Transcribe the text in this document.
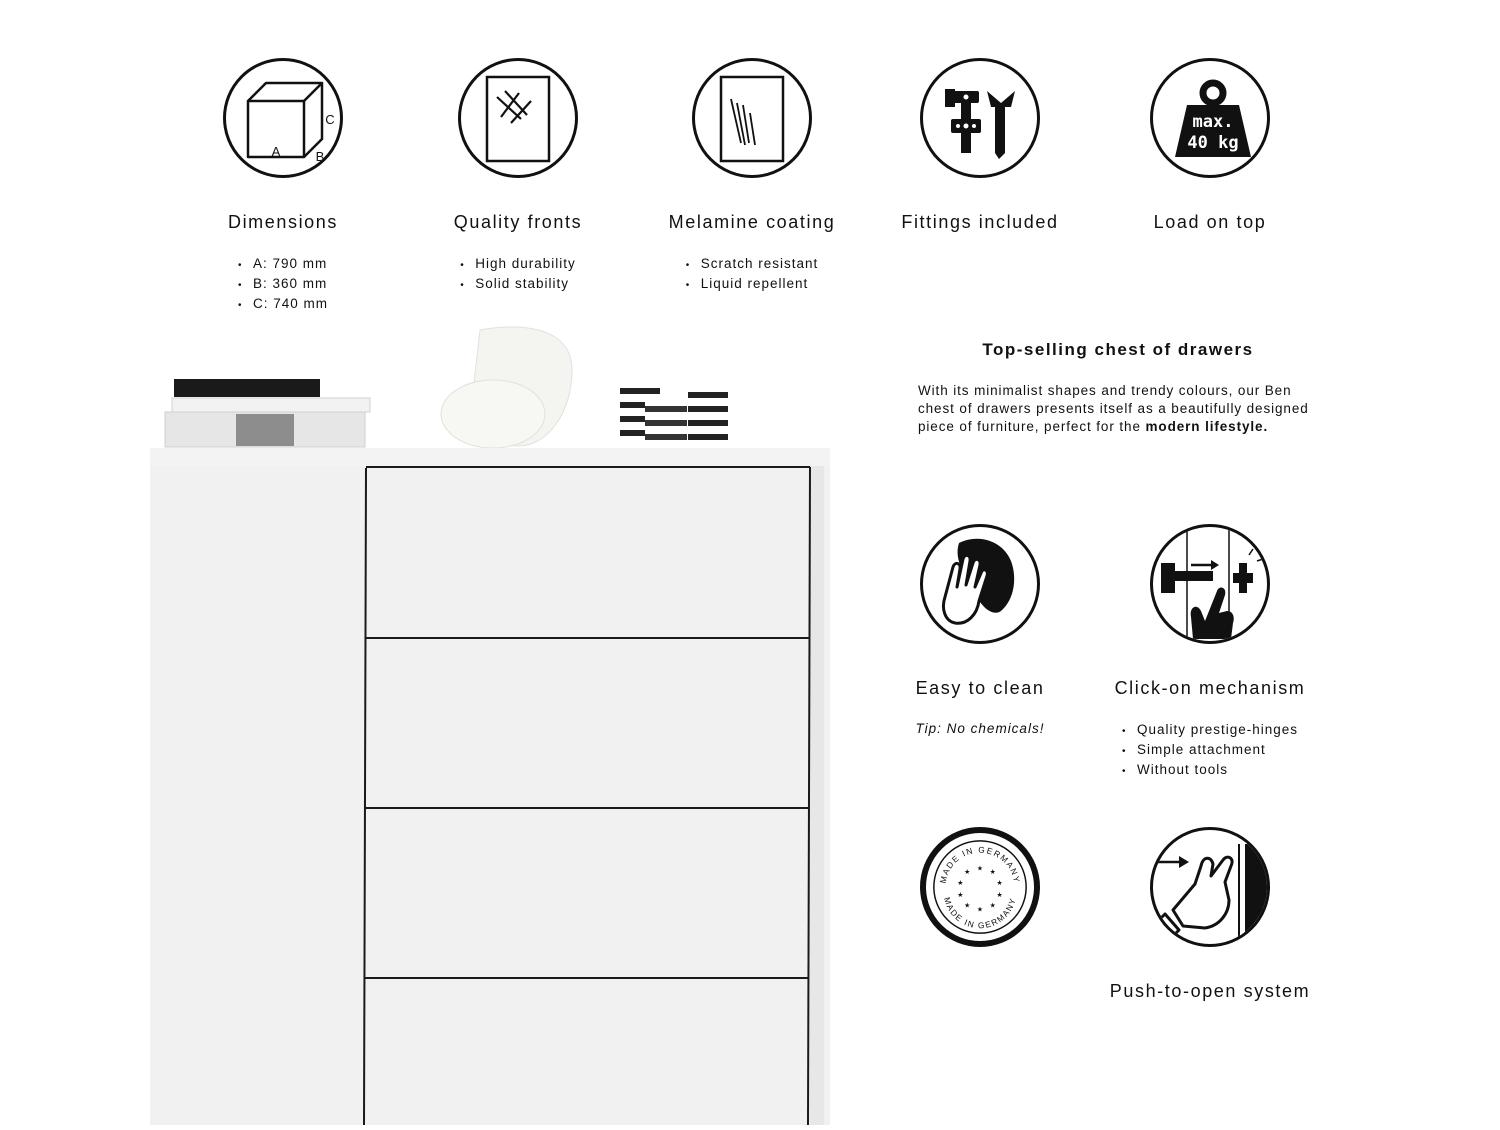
A	B
C
Dimensions
• A: 790 mm
• B: 360 mm
• C: 740 mm
Quality fronts
• High durability
• Solid stability
Melamine coating
• Scratch resistant
• Liquid repellent
Fittings included
max.
40 kg
Load on top
Top-selling chest of drawers

With its minimalist shapes and trendy colours, our Ben chest of drawers presents itself as a beautifully designed piece of furniture, perfect for the modern lifestyle.

Easy to clean
Tip: No chemicals!
Click-on mechanism
• Quality prestige-hinges
• Simple attachment
• Without tools
MADE IN GERMANY
MADE IN GERMANY
★ ★
★
★
★
★
★
★
★
★
Push-to-open system
